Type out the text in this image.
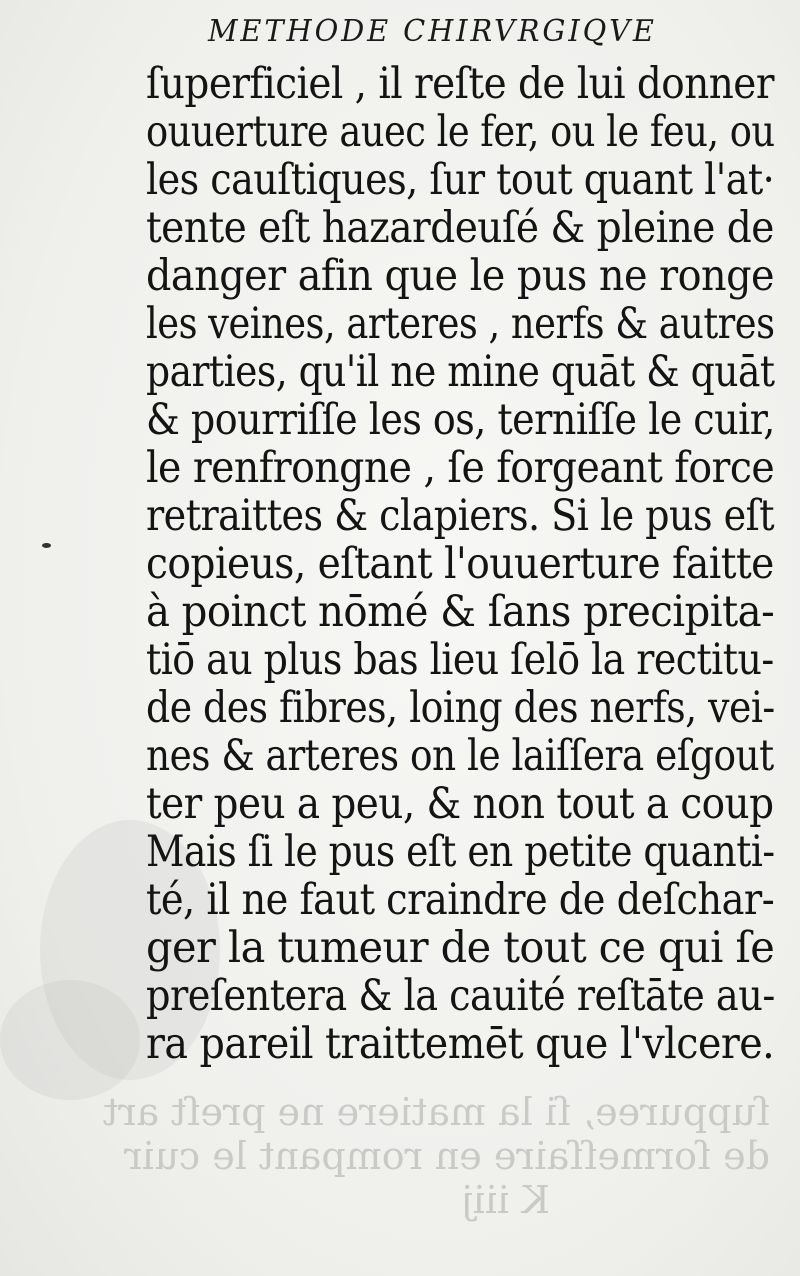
METHODE CHIRVRGIQVE
ſuperficiel , il reſte de lui donner
ouuerture auec le fer, ou le feu, ou
les cauſtiques, ſur tout quant l'at·
tente eſt hazardeuſé & pleine de
danger afin que le pus ne ronge
les veines, arteres , nerfs & autres
parties, qu'il ne mine quāt & quāt
& pourriſſe les os, terniſſe le cuir,
le renfrongne , ſe forgeant force
retraittes & clapiers. Si le pus eſt
copieus, eſtant l'ouuerture faitte
à poinct nōmé & ſans precipita-
tiō au plus bas lieu ſelō la rectitu-
de des fibres, loing des nerfs, vei-
nes & arteres on le laiſſera eſgout
ter peu a peu, & non tout a coup
Mais ſi le pus eſt en petite quanti-
té, il ne faut craindre de deſchar-
ger la tumeur de tout ce qui ſe
preſentera & la cauité reſtāte au-
ra pareil traittemēt que l'vlcere.
ſuppuree, ſi la matiere ne preſt art
de ſormeſſaire en rompant le cuir
K iiij
